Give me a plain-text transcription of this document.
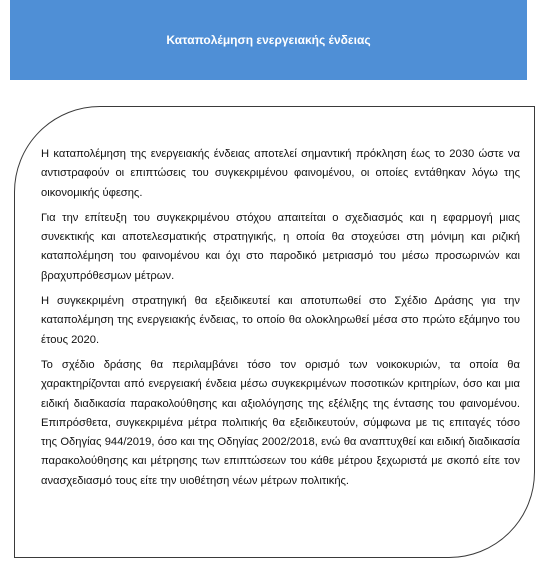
Καταπολέμηση ενεργειακής ένδειας

Η καταπολέμηση της ενεργειακής ένδειας αποτελεί σημαντική πρόκληση έως το 2030 ώστε να αντιστραφούν οι επιπτώσεις του συγκεκριμένου φαινομένου, οι οποίες εντάθηκαν λόγω της οικονομικής ύφεσης.

Για την επίτευξη του συγκεκριμένου στόχου απαιτείται ο σχεδιασμός και η εφαρμογή μιας συνεκτικής και αποτελεσματικής στρατηγικής, η οποία θα στοχεύσει στη μόνιμη και ριζική καταπολέμηση του φαινομένου και όχι στο παροδικό μετριασμό του μέσω προσωρινών και βραχυπρόθεσμων μέτρων.

Η συγκεκριμένη στρατηγική θα εξειδικευτεί και αποτυπωθεί στο Σχέδιο Δράσης για την καταπολέμηση της ενεργειακής ένδειας, το οποίο θα ολοκληρωθεί μέσα στο πρώτο εξάμηνο του έτους 2020.

Το σχέδιο δράσης θα περιλαμβάνει τόσο τον ορισμό των νοικοκυριών, τα οποία θα χαρακτηρίζονται από ενεργειακή ένδεια μέσω συγκεκριμένων ποσοτικών κριτηρίων, όσο και μια ειδική διαδικασία παρακολούθησης και αξιολόγησης της εξέλιξης της έντασης του φαινομένου. Επιπρόσθετα, συγκεκριμένα μέτρα πολιτικής θα εξειδικευτούν, σύμφωνα με τις επιταγές τόσο της Οδηγίας 944/2019, όσο και της Οδηγίας 2002/2018, ενώ θα αναπτυχθεί και ειδική διαδικασία παρακολούθησης και μέτρησης των επιπτώσεων του κάθε μέτρου ξεχωριστά με σκοπό είτε τον ανασχεδιασμό τους είτε την υιοθέτηση νέων μέτρων πολιτικής.
